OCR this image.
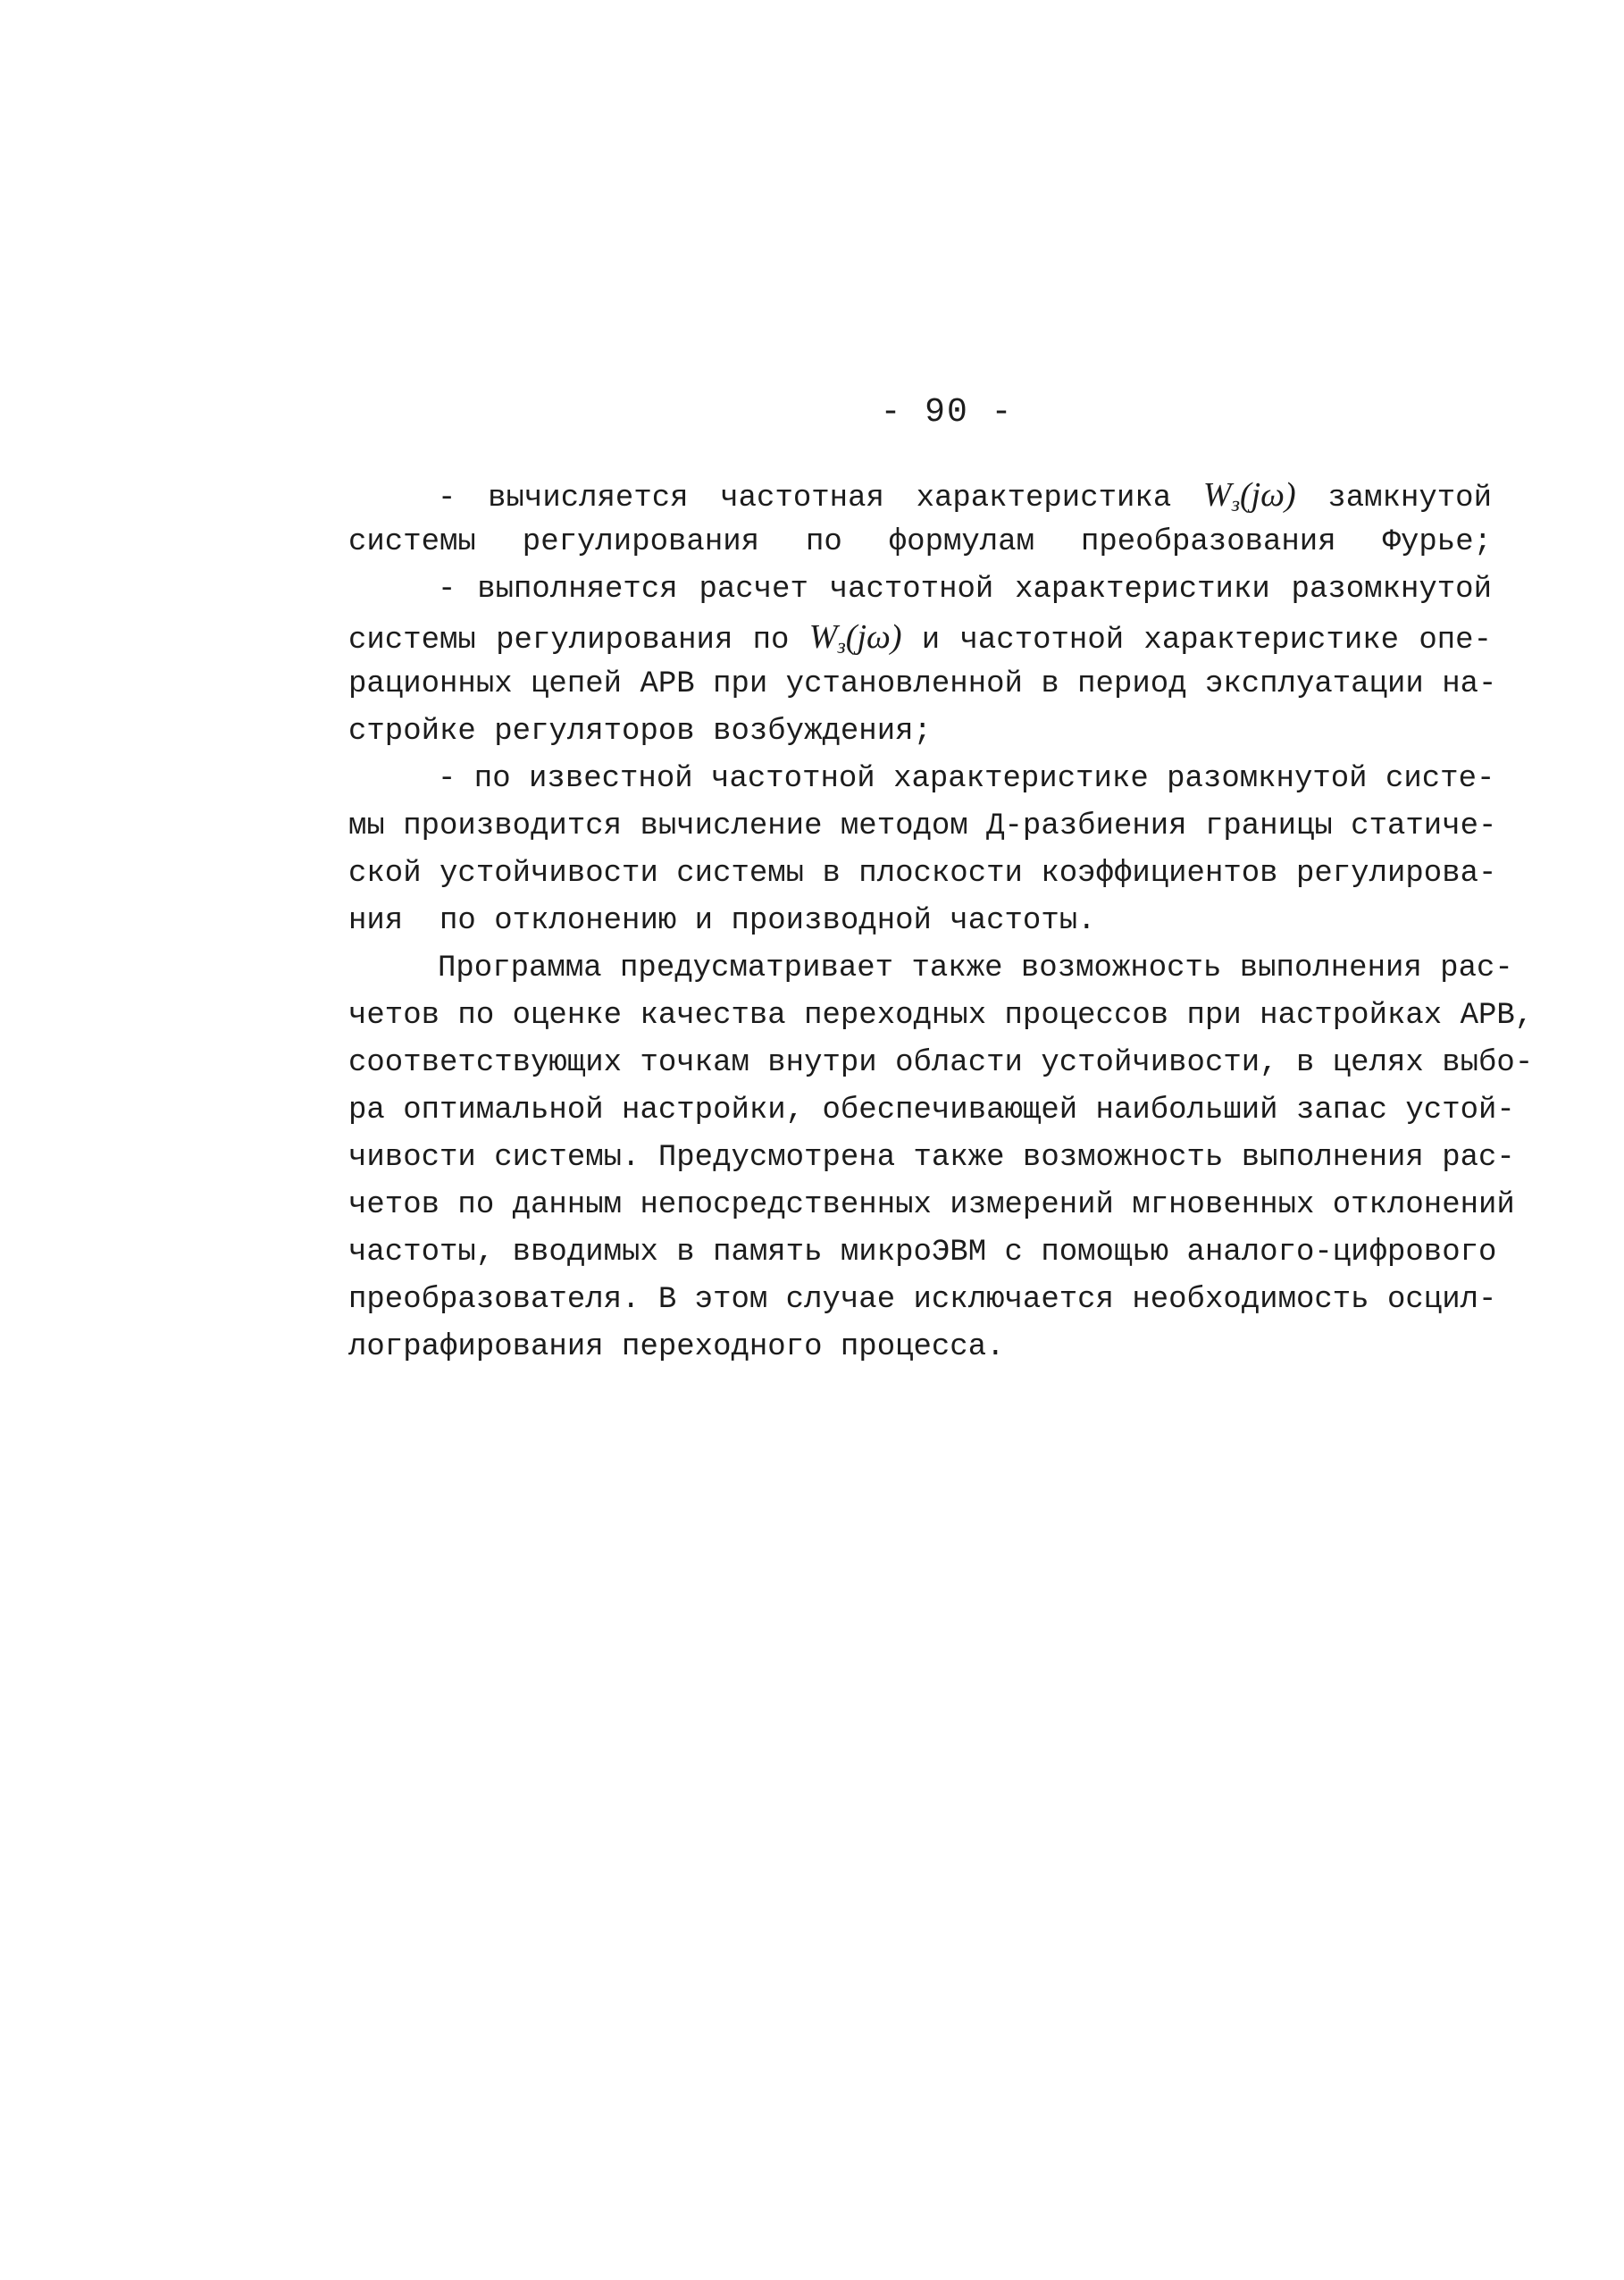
- 90 -
- вычисляется частотная характеристика $W_з(j\omega)$ замкнутой
системы регулирования по формулам преобразования Фурье;
- выполняется расчет частотной характеристики разомкнутой
системы регулирования по $W_з(j\omega)$ и частотной характеристике опе-
рационных цепей АРВ при установленной в период эксплуатации на-
стройке регуляторов возбуждения;
- по известной частотной характеристике разомкнутой систе-
мы производится вычисление методом Д-разбиения границы статиче-
ской устойчивости системы в плоскости коэффициентов регулирова-
ния  по отклонению и производной частоты.
Программа предусматривает также возможность выполнения рас-
четов по оценке качества переходных процессов при настройках АРВ,
соответствующих точкам внутри области устойчивости, в целях выбо-
ра оптимальной настройки, обеспечивающей наибольший запас устой-
чивости системы. Предусмотрена также возможность выполнения рас-
четов по данным непосредственных измерений мгновенных отклонений
частоты, вводимых в память микроЭВМ с помощью аналого-цифрового
преобразователя. В этом случае исключается необходимость осцил-
лографирования переходного процесса.
